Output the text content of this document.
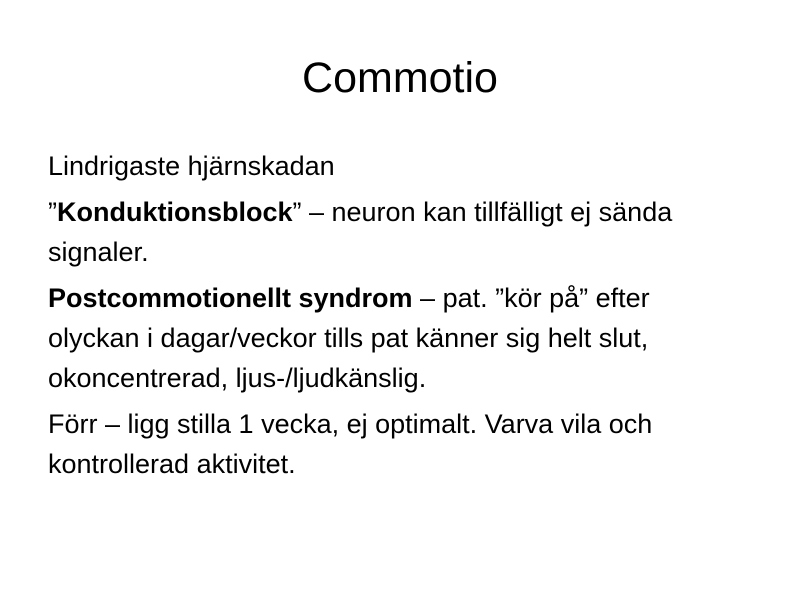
Commotio

Lindrigaste hjärnskadan

”Konduktionsblock” – neuron kan tillfälligt ej sända signaler.

Postcommotionellt syndrom – pat. ”kör på” efter olyckan i dagar/veckor tills pat känner sig helt slut, okoncentrerad, ljus-/ljudkänslig.

Förr – ligg stilla 1 vecka, ej optimalt. Varva vila och kontrollerad aktivitet.
